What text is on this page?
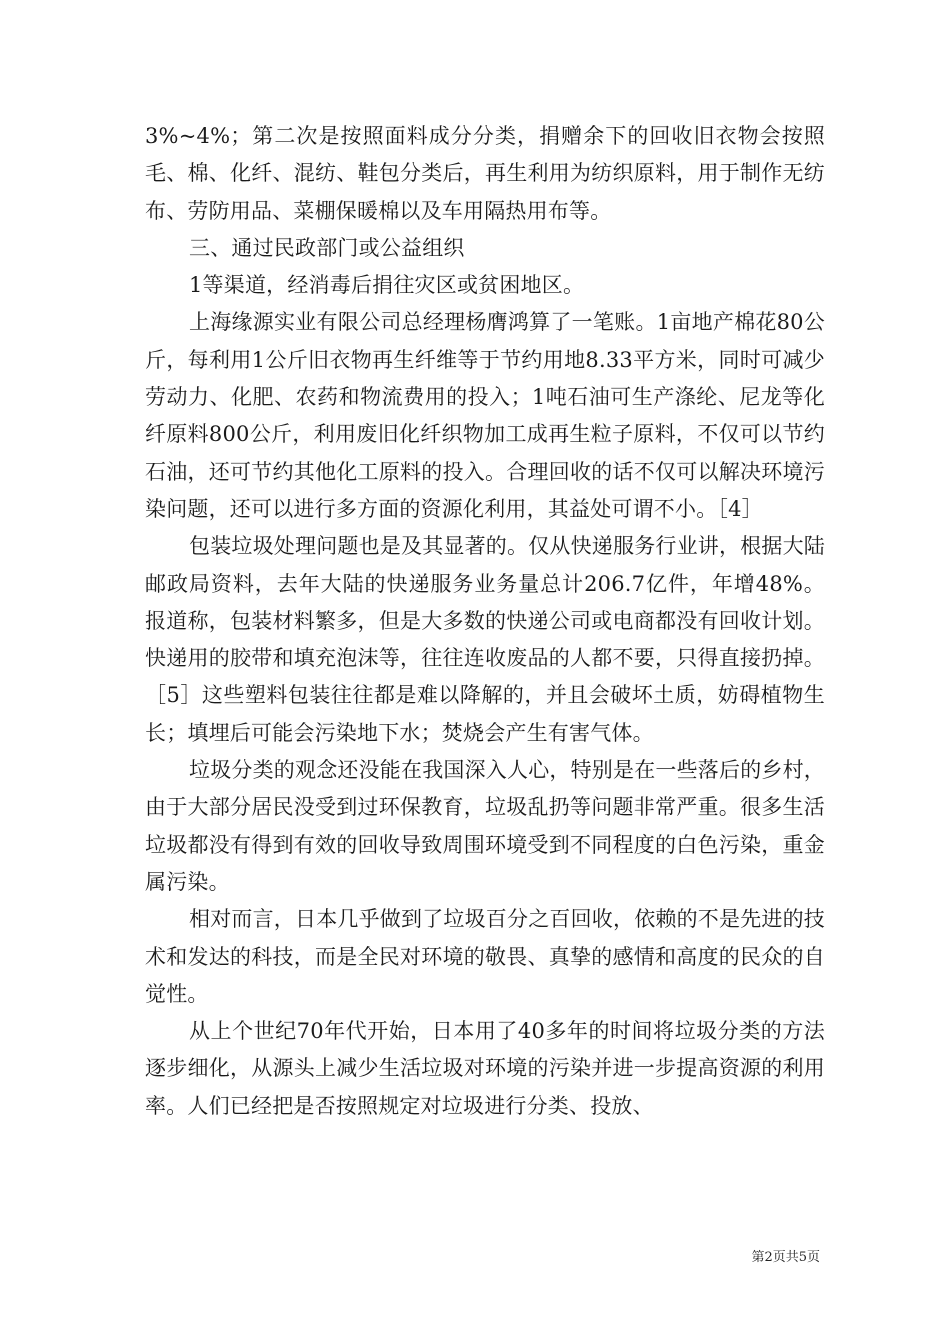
3%~4%；第二次是按照面料成分分类，捐赠余下的回收旧衣物会按照毛、棉、化纤、混纺、鞋包分类后，再生利用为纺织原料，用于制作无纺布、劳防用品、菜棚保暖棉以及车用隔热用布等。

三、通过民政部门或公益组织

1等渠道，经消毒后捐往灾区或贫困地区。

上海缘源实业有限公司总经理杨膺鸿算了一笔账。1亩地产棉花80公斤，每利用1公斤旧衣物再生纤维等于节约用地8.33平方米，同时可减少劳动力、化肥、农药和物流费用的投入；1吨石油可生产涤纶、尼龙等化纤原料800公斤，利用废旧化纤织物加工成再生粒子原料，不仅可以节约石油，还可节约其他化工原料的投入。合理回收的话不仅可以解决环境污染问题，还可以进行多方面的资源化利用，其益处可谓不小。［4］

包装垃圾处理问题也是及其显著的。仅从快递服务行业讲，根据大陆邮政局资料，去年大陆的快递服务业务量总计206.7亿件，年增48%。报道称，包装材料繁多，但是大多数的快递公司或电商都没有回收计划。快递用的胶带和填充泡沫等，往往连收废品的人都不要，只得直接扔掉。［5］这些塑料包装往往都是难以降解的，并且会破坏土质，妨碍植物生长；填埋后可能会污染地下水；焚烧会产生有害气体。

垃圾分类的观念还没能在我国深入人心，特别是在一些落后的乡村，由于大部分居民没受到过环保教育，垃圾乱扔等问题非常严重。很多生活垃圾都没有得到有效的回收导致周围环境受到不同程度的白色污染，重金属污染。

相对而言，日本几乎做到了垃圾百分之百回收，依赖的不是先进的技术和发达的科技，而是全民对环境的敬畏、真挚的感情和高度的民众的自觉性。

从上个世纪70年代开始，日本用了40多年的时间将垃圾分类的方法逐步细化，从源头上减少生活垃圾对环境的污染并进一步提高资源的利用率。人们已经把是否按照规定对垃圾进行分类、投放、

第2页共5页
